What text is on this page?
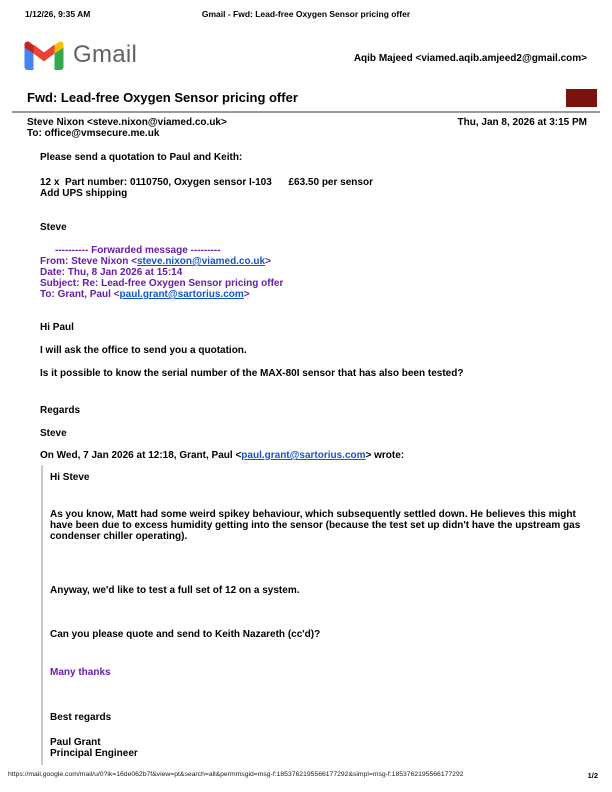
Gmail - Fwd: Lead-free Oxygen Sensor pricing offer
1/12/26, 9:35 AM
Gmail	Aqib Majeed <viamed.aqib.amjeed2@gmail.com>
Fwd: Lead-free Oxygen Sensor pricing offer
Steve Nixon <steve.nixon@viamed.co.uk>	Thu, Jan 8, 2026 at 3:15 PM
To: office@vmsecure.me.uk
Please send a quotation to Paul and Keith:
12 x  Part number: 0110750, Oxygen sensor I-103      £63.50 per sensor
Add UPS shipping
Steve
---------- Forwarded message ---------
From: Steve Nixon <steve.nixon@viamed.co.uk>
Date: Thu, 8 Jan 2026 at 15:14
Subject: Re: Lead-free Oxygen Sensor pricing offer
To: Grant, Paul <paul.grant@sartorius.com>
Hi Paul
I will ask the office to send you a quotation.
Is it possible to know the serial number of the MAX-80I sensor that has also been tested?
Regards
Steve
On Wed, 7 Jan 2026 at 12:18, Grant, Paul <paul.grant@sartorius.com> wrote:
Hi Steve
As you know, Matt had some weird spikey behaviour, which subsequently settled down. He believes this might have been due to excess humidity getting into the sensor (because the test set up didn't have the upstream gas condenser chiller operating).
Anyway, we'd like to test a full set of 12 on a system.
Can you please quote and send to Keith Nazareth (cc'd)?
Many thanks
Best regards
Paul Grant
Principal Engineer
https://mail.google.com/mail/u/0?ik=16de062b7f&view=pt&search=all&permmsgid=msg-f:1853762195566177292&simpl=msg-f:1853762195566177292	1/2
